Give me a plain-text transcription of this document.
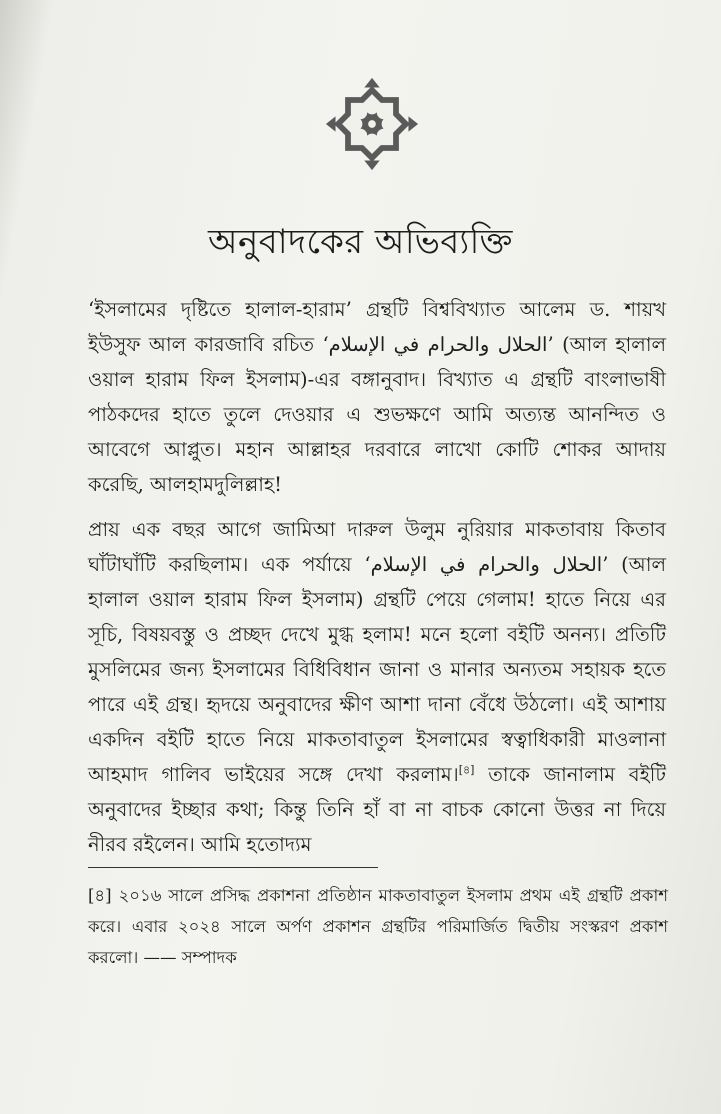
অনুবাদকের অভিব্যক্তি

‘ইসলামের দৃষ্টিতে হালাল-হারাম’ গ্রন্থটি বিশ্ববিখ্যাত আলেম ড. শায়খ ইউসুফ আল কারজাবি রচিত ‘الحلال والحرام في الإسلام’ (আল হালাল ওয়াল হারাম ফিল ইসলাম)-এর বঙ্গানুবাদ। বিখ্যাত এ গ্রন্থটি বাংলাভাষী পাঠকদের হাতে তুলে দেওয়ার এ শুভক্ষণে আমি অত্যন্ত আনন্দিত ও আবেগে আপ্লুত। মহান আল্লাহর দরবারে লাখো কোটি শোকর আদায় করেছি, আলহামদুলিল্লাহ!

প্রায় এক বছর আগে জামিআ দারুল উলুম নুরিয়ার মাকতাবায় কিতাব ঘাঁটাঘাঁটি করছিলাম। এক পর্যায়ে ‘الحلال والحرام في الإسلام’ (আল হালাল ওয়াল হারাম ফিল ইসলাম) গ্রন্থটি পেয়ে গেলাম! হাতে নিয়ে এর সূচি, বিষয়বস্তু ও প্রচ্ছদ দেখে মুগ্ধ হলাম! মনে হলো বইটি অনন্য। প্রতিটি মুসলিমের জন্য ইসলামের বিধিবিধান জানা ও মানার অন্যতম সহায়ক হতে পারে এই গ্রন্থ। হৃদয়ে অনুবাদের ক্ষীণ আশা দানা বেঁধে উঠলো। এই আশায় একদিন বইটি হাতে নিয়ে মাকতাবাতুল ইসলামের স্বত্বাধিকারী মাওলানা আহমাদ গালিব ভাইয়ের সঙ্গে দেখা করলাম।[৪] তাকে জানালাম বইটি অনুবাদের ইচ্ছার কথা; কিন্তু তিনি হাঁ বা না বাচক কোনো উত্তর না দিয়ে নীরব রইলেন। আমি হতোদ্যম

[৪] ২০১৬ সালে প্রসিদ্ধ প্রকাশনা প্রতিষ্ঠান মাকতাবাতুল ইসলাম প্রথম এই গ্রন্থটি প্রকাশ করে। এবার ২০২৪ সালে অর্পণ প্রকাশন গ্রন্থটির পরিমার্জিত দ্বিতীয় সংস্করণ প্রকাশ করলো। —— সম্পাদক
